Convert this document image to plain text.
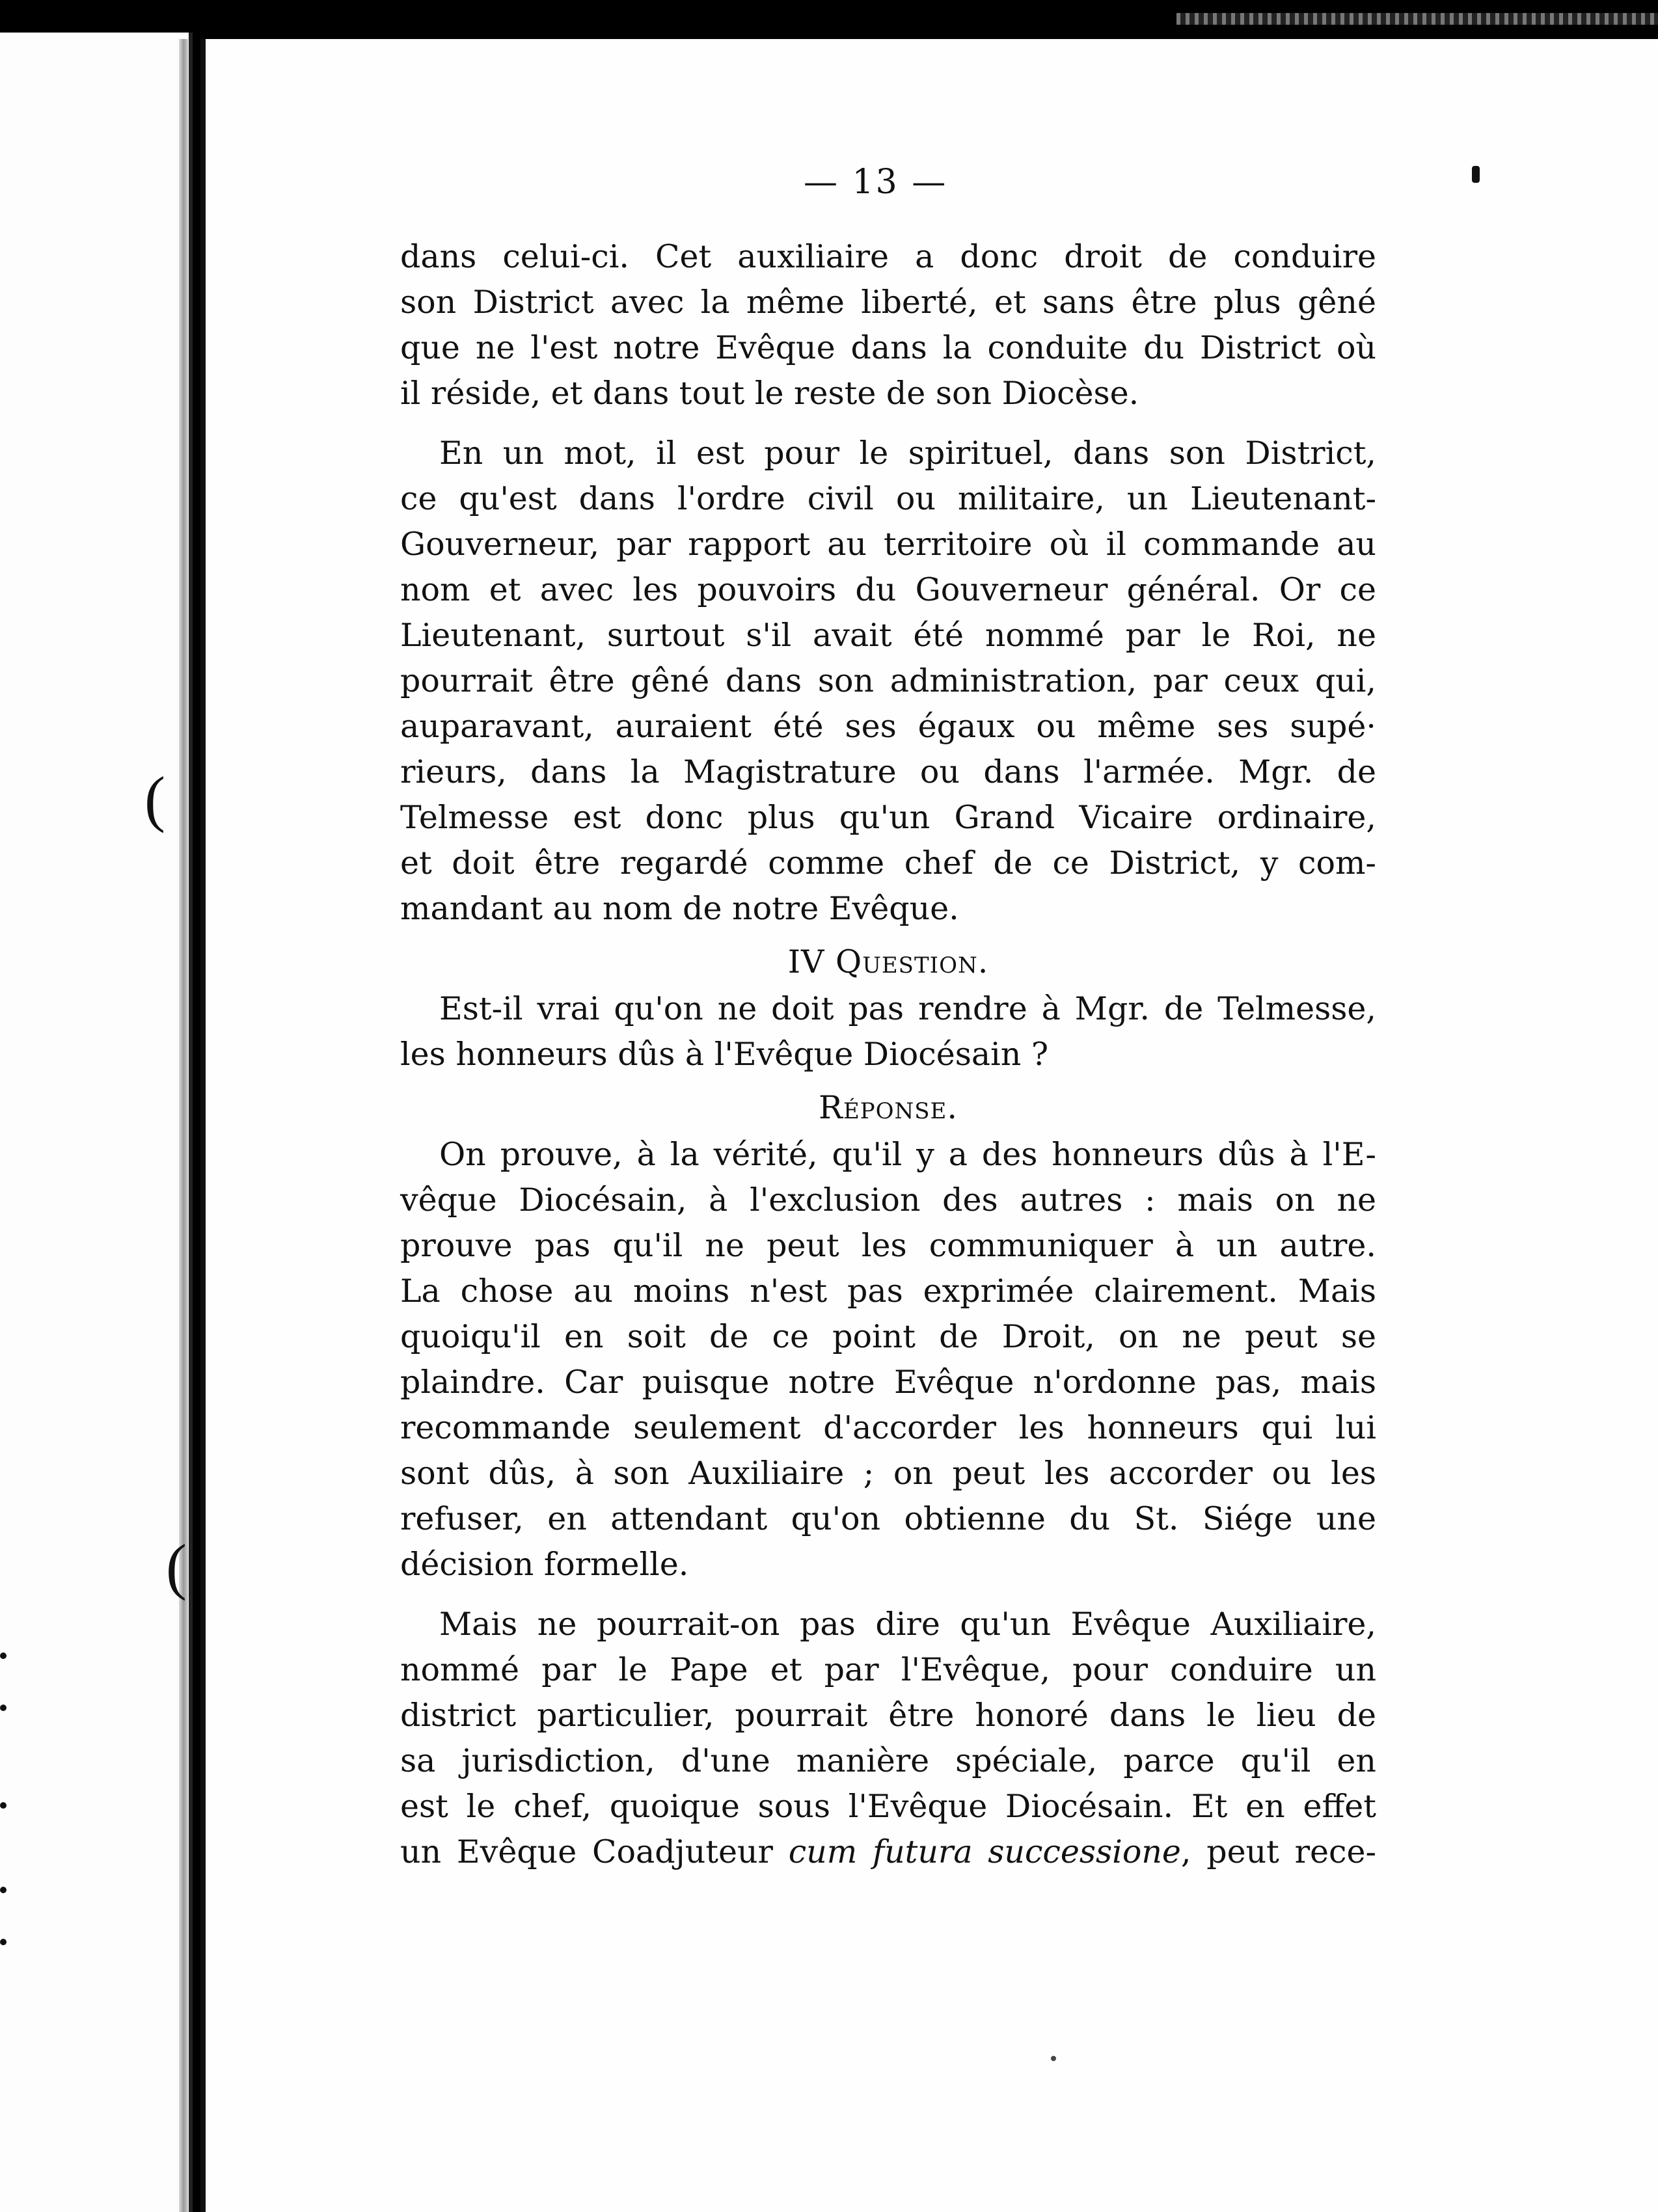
(
(
— 13 —
dans celui-ci. Cet auxiliaire a donc droit de conduire
son District avec la même liberté, et sans être plus gêné
que ne l'est notre Evêque dans la conduite du District où
il réside, et dans tout le reste de son Diocèse.
En un mot, il est pour le spirituel, dans son District,
ce qu'est dans l'ordre civil ou militaire, un Lieutenant-
Gouverneur, par rapport au territoire où il commande au
nom et avec les pouvoirs du Gouverneur général. Or ce
Lieutenant, surtout s'il avait été nommé par le Roi, ne
pourrait être gêné dans son administration, par ceux qui,
auparavant, auraient été ses égaux ou même ses supé·
rieurs, dans la Magistrature ou dans l'armée. Mgr. de
Telmesse est donc plus qu'un Grand Vicaire ordinaire,
et doit être regardé comme chef de ce District, y com-
mandant au nom de notre Evêque.
IV Question.
Est-il vrai qu'on ne doit pas rendre à Mgr. de Telmesse,
les honneurs dûs à l'Evêque Diocésain ?
Réponse.
On prouve, à la vérité, qu'il y a des honneurs dûs à l'E-
vêque Diocésain, à l'exclusion des autres : mais on ne
prouve pas qu'il ne peut les communiquer à un autre.
La chose au moins n'est pas exprimée clairement. Mais
quoiqu'il en soit de ce point de Droit, on ne peut se
plaindre. Car puisque notre Evêque n'ordonne pas, mais
recommande seulement d'accorder les honneurs qui lui
sont dûs, à son Auxiliaire ; on peut les accorder ou les
refuser, en attendant qu'on obtienne du St. Siége une
décision formelle.
Mais ne pourrait-on pas dire qu'un Evêque Auxiliaire,
nommé par le Pape et par l'Evêque, pour conduire un
district particulier, pourrait être honoré dans le lieu de
sa jurisdiction, d'une manière spéciale, parce qu'il en
est le chef, quoique sous l'Evêque Diocésain. Et en effet
un Evêque Coadjuteur cum futura successione, peut rece-
